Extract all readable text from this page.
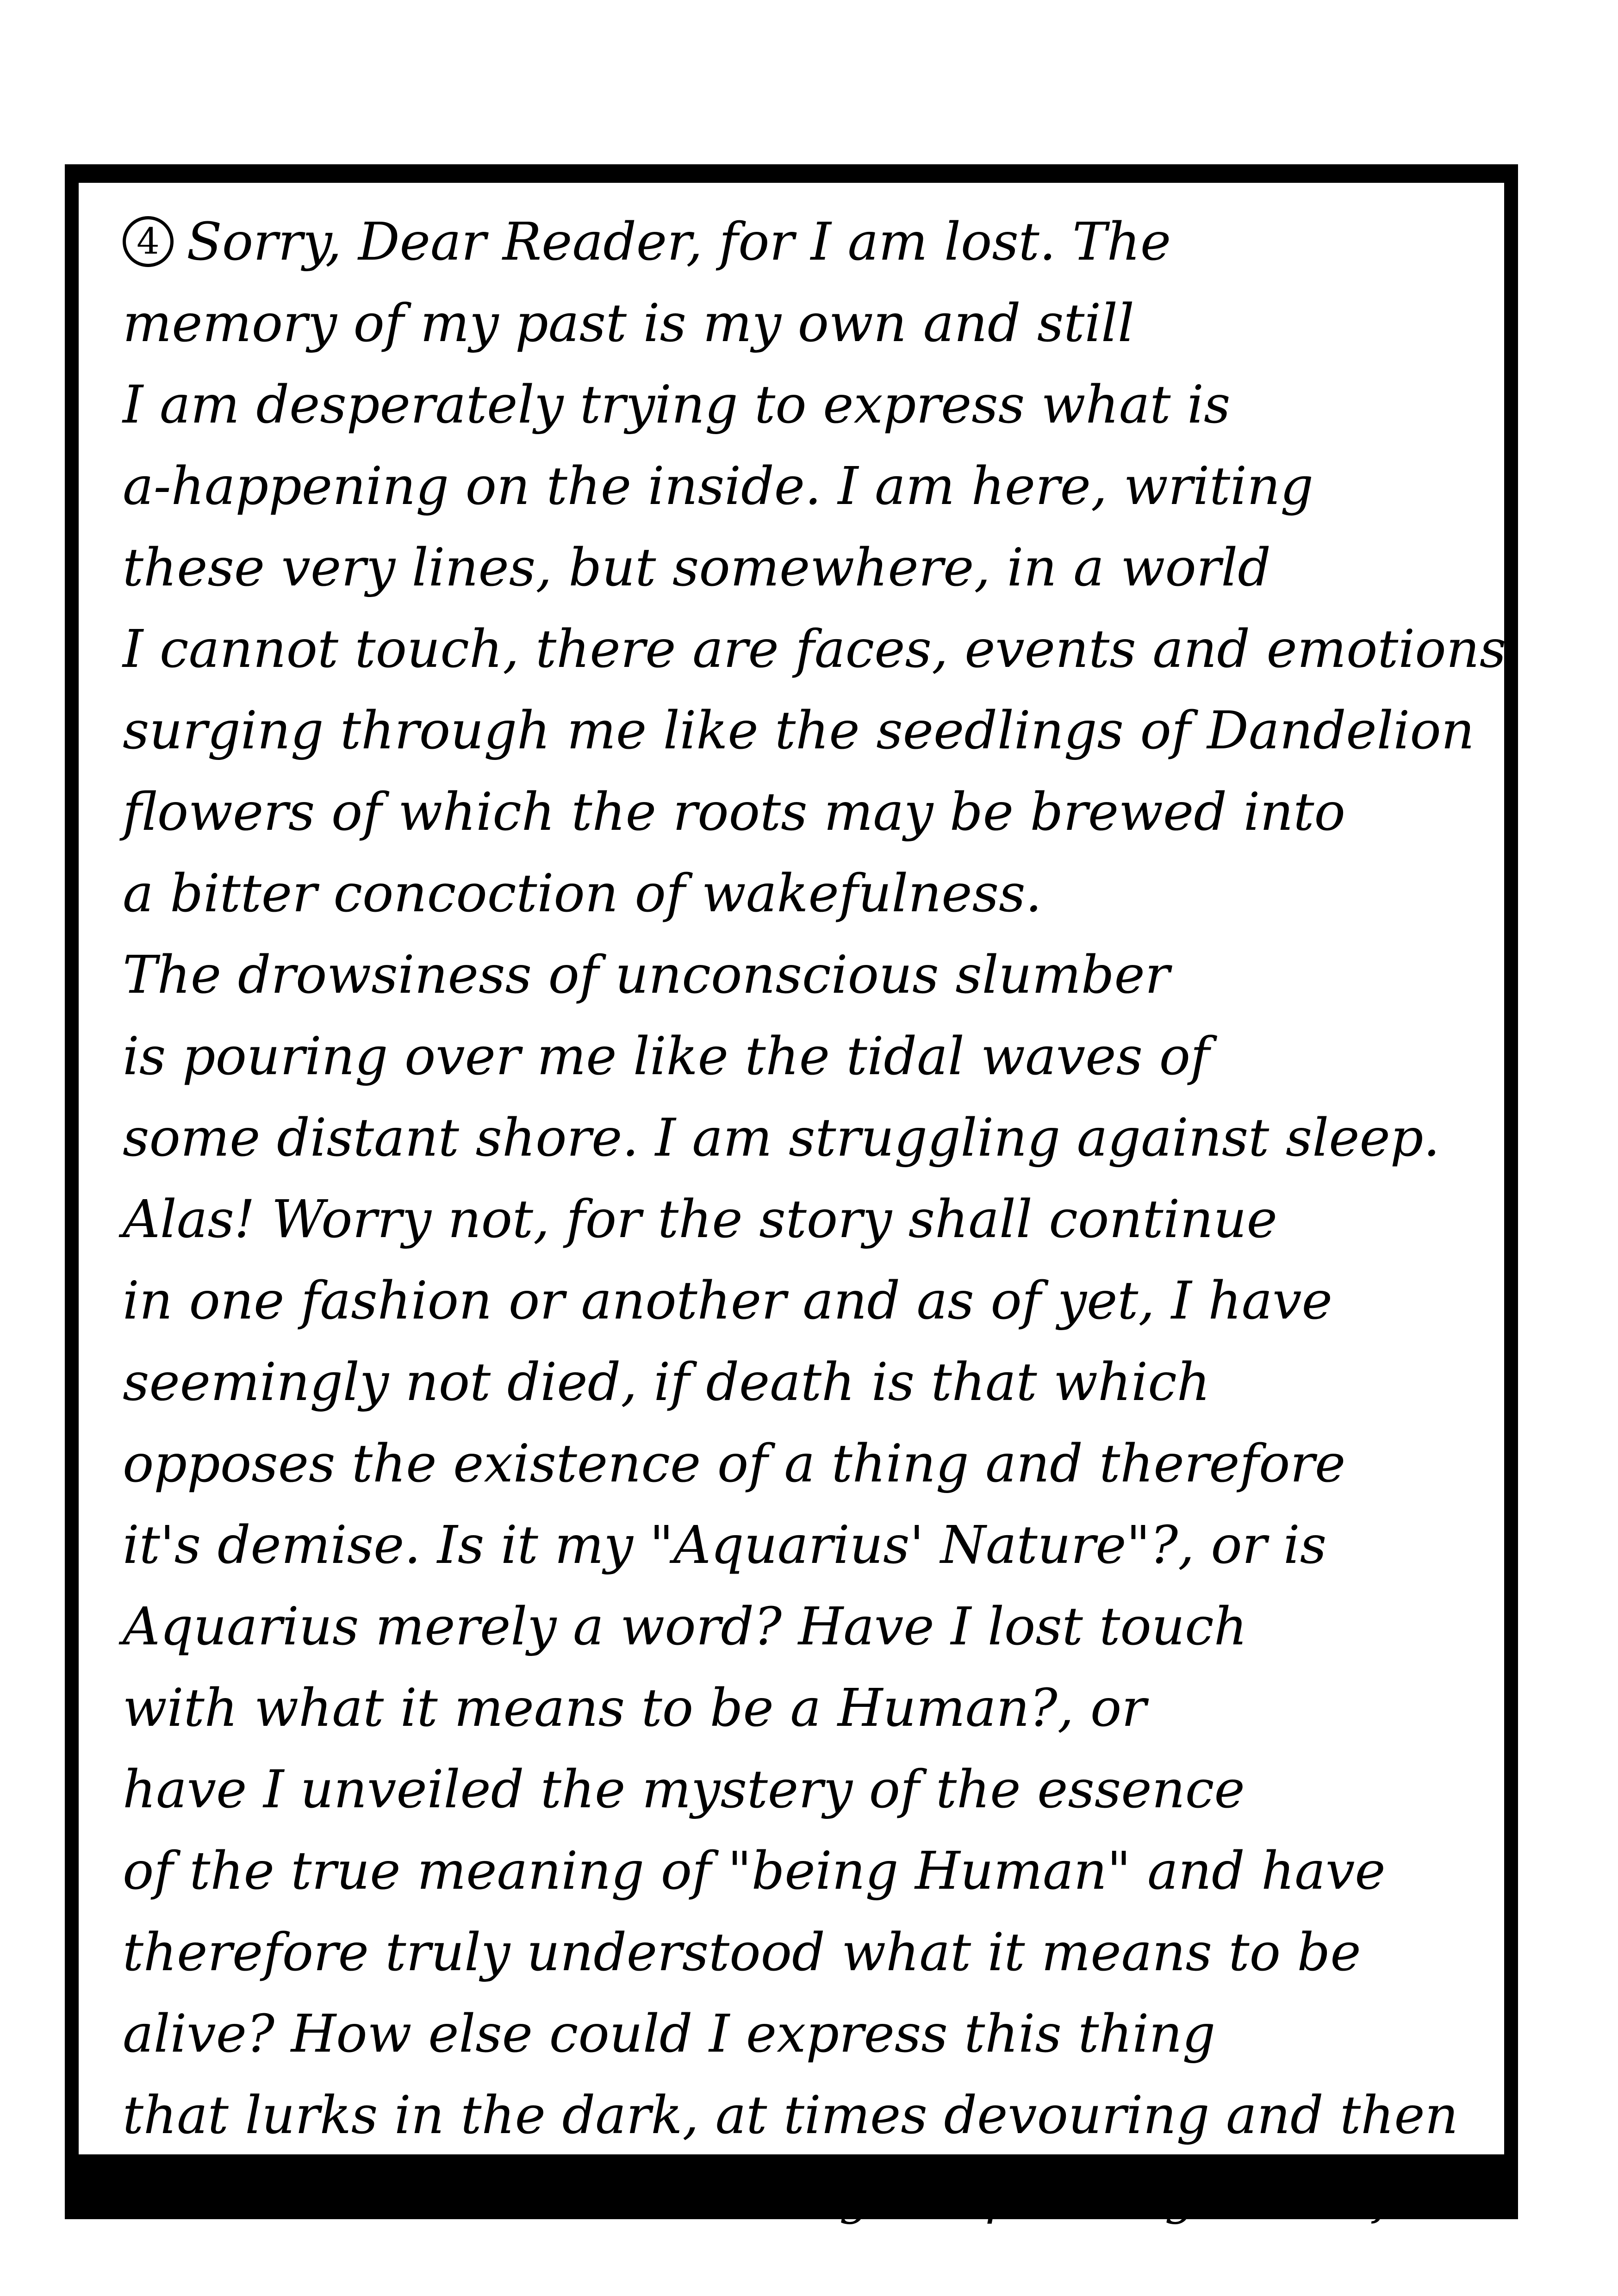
4 Sorry, Dear Reader, for I am lost. The
memory of my past is my own and still
I am desperately trying to express what is
a-happening on the inside. I am here, writing
these very lines, but somewhere, in a world
I cannot touch, there are faces, events and emotions
surging through me like the seedlings of Dandelion
flowers of which the roots may be brewed into
a bitter concoction of wakefulness.
The drowsiness of unconscious slumber
is pouring over me like the tidal waves of
some distant shore. I am struggling against sleep.
Alas! Worry not, for the story shall continue
in one fashion or another and as of yet, I have
seemingly not died, if death is that which
opposes the existence of a thing and therefore
it's demise. Is it my "Aquarius' Nature"?, or is
Aquarius merely a word? Have I lost touch
with what it means to be a Human?, or
have I unveiled the mystery of the essence
of the true meaning of "being Human" and have
therefore truly understood what it means to be
alive? How else could I express this thing
that lurks in the dark, at times devouring and then
again sprouting new Life?
